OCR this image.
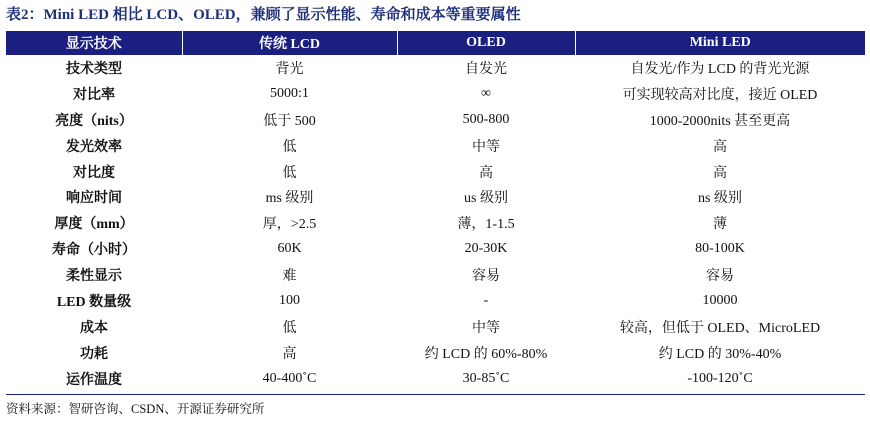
表2：Mini LED 相比 LCD、OLED，兼顾了显示性能、寿命和成本等重要属性
显示技术	传统 LCD	OLED	Mini LED
技术类型	背光	自发光	自发光/作为 LCD 的背光光源
对比率	5000:1	∞	可实现较高对比度，接近 OLED
亮度（nits）	低于 500	500-800	1000-2000nits 甚至更高
发光效率	低	中等	高
对比度	低	高	高
响应时间	ms 级别	us 级别	ns 级别
厚度（mm）	厚，>2.5	薄，1-1.5	薄
寿命（小时）	60K	20-30K	80-100K
柔性显示	难	容易	容易
LED 数量级	100	-	10000
成本	低	中等	较高，但低于 OLED、MicroLED
功耗	高	约 LCD 的 60%-80%	约 LCD 的 30%-40%
运作温度	40-400˚C	30-85˚C	-100-120˚C
资料来源：智研咨询、CSDN、开源证券研究所
